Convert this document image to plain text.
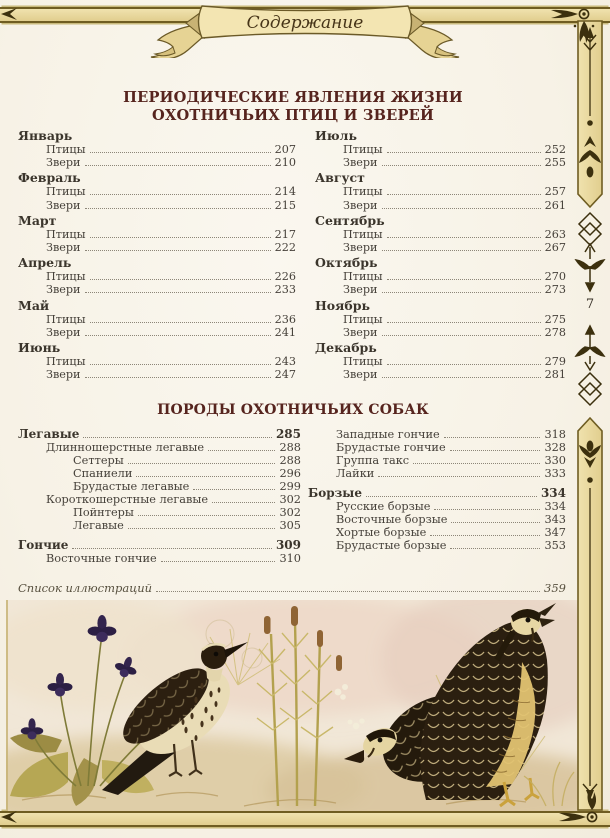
Содержание
ПЕРИОДИЧЕСКИЕ ЯВЛЕНИЯ ЖИЗНИ
ОХОТНИЧЬИХ ПТИЦ И ЗВЕРЕЙ
Январь
Птицы	207
Звери	210
Февраль
Птицы	214
Звери	215
Март
Птицы	217
Звери	222
Апрель
Птицы	226
Звери	233
Май
Птицы	236
Звери	241
Июнь
Птицы	243
Звери	247
Июль
Птицы	252
Звери	255
Август
Птицы	257
Звери	261
Сентябрь
Птицы	263
Звери	267
Октябрь
Птицы	270
Звери	273
Ноябрь
Птицы	275
Звери	278
Декабрь
Птицы	279
Звери	281
ПОРОДЫ ОХОТНИЧЬИХ СОБАК
Легавые	285
Длинношерстные легавые	288
Сеттеры	288
Спаниели	296
Брудастые легавые	299
Короткошерстные легавые	302
Пойнтеры	302
Легавые	305
Гончие	309
Восточные гончие	310
Западные гончие	318
Брудастые гончие	328
Группа такс	330
Лайки	333
Борзые	334
Русские борзые	334
Восточные борзые	343
Хортые борзые	347
Брудастые борзые	353
Список иллюстраций	359
7
